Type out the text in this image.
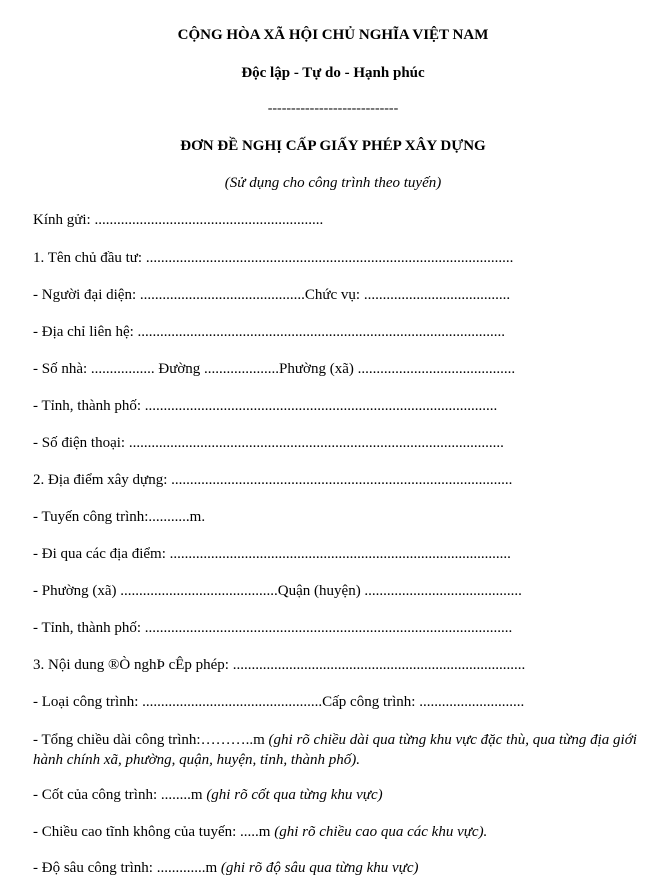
CỘNG HÒA XÃ HỘI CHỦ NGHĨA VIỆT NAM
Độc lập - Tự do - Hạnh phúc
----------------------------
ĐƠN ĐỀ NGHỊ CẤP GIẤY PHÉP XÂY DỰNG
(Sử dụng cho công trình theo tuyến)
Kính gửi: .............................................................
1. Tên chủ đầu tư: ..................................................................................................
- Người đại diện: ............................................Chức vụ: .......................................
- Địa chỉ liên hệ: ..................................................................................................
- Số nhà: ................. Đường ....................Phường (xã) ..........................................
- Tỉnh, thành phố: ..............................................................................................
- Số điện thoại: ....................................................................................................
2. Địa điểm xây dựng: ...........................................................................................
- Tuyến công trình:...........m.
- Đi qua các địa điểm: ...........................................................................................
- Phường (xã) ..........................................Quận (huyện) ..........................................
- Tỉnh, thành phố: ..................................................................................................
3. Nội dung ®Ò nghÞ cÊp phép: ..............................................................................
- Loại công trình: ................................................Cấp công trình: ............................
- Tổng chiều dài công trình:………..m (ghi rõ chiều dài qua từng khu vực đặc thù, qua từng địa giới hành chính xã, phường, quận, huyện, tỉnh, thành phố).
- Cốt của công trình: ........m (ghi rõ cốt qua từng khu vực)
- Chiều cao tĩnh không của tuyến: .....m (ghi rõ chiều cao qua các khu vực).
- Độ sâu công trình: .............m (ghi rõ độ sâu qua từng khu vực)
